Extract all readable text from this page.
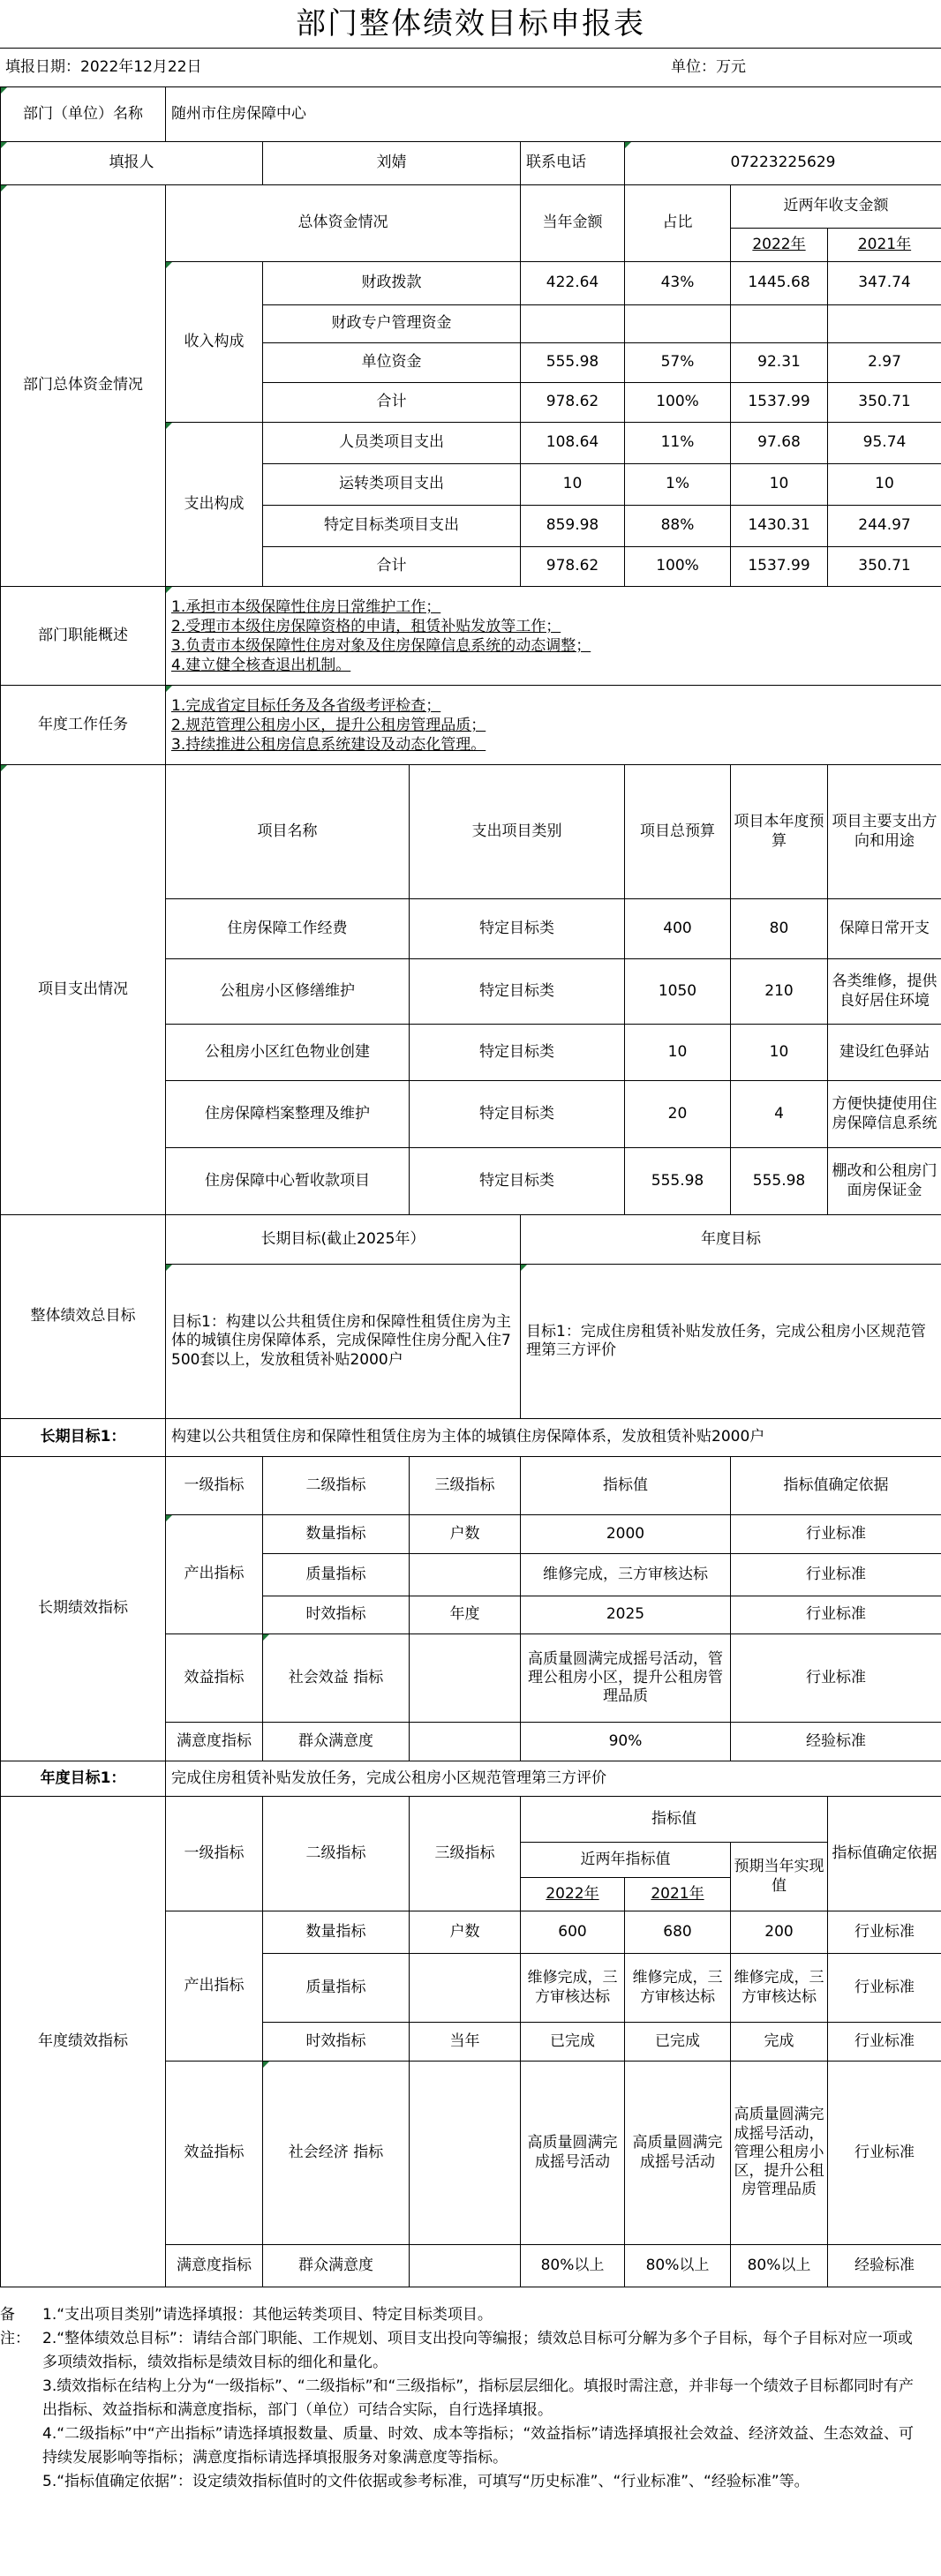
部门整体绩效目标申报表
填报日期：2022年12月22日	单位：万元
部门（单位）名称	随州市住房保障中心						
填报人		刘婧		联系电话	07223225629		
部门总体资金情况	总体资金情况			当年金额	占比	近两年收支金额	
						2022年	2021年
	收入构成	财政拨款		422.64	43%	1445.68	347.74
		财政专户管理资金					
		单位资金		555.98	57%	92.31	2.97
		合计		978.62	100%	1537.99	350.71
	支出构成	人员类项目支出		108.64	11%	97.68	95.74
		运转类项目支出		10	1%	10	10
		特定目标类项目支出		859.98	88%	1430.31	244.97
		合计		978.62	100%	1537.99	350.71
部门职能概述	1.承担市本级保障性住房日常维护工作；
2.受理市本级住房保障资格的申请，租赁补贴发放等工作；
3.负责市本级保障性住房对象及住房保障信息系统的动态调整；
4.建立健全核查退出机制。						

年度工作任务	1.完成省定目标任务及各省级考评检查；
2.规范管理公租房小区，提升公租房管理品质；
3.持续推进公租房信息系统建设及动态化管理。						

项目支出情况	项目名称		支出项目类别		项目总预算	项目本年度预算	项目主要支出方向和用途
	住房保障工作经费		特定目标类		400	80	保障日常开支
	公租房小区修缮维护		特定目标类		1050	210	各类维修，提供良好居住环境
	公租房小区红色物业创建		特定目标类		10	10	建设红色驿站
	住房保障档案整理及维护		特定目标类		20	4	方便快捷使用住房保障信息系统
	住房保障中心暂收款项目		特定目标类		555.98	555.98	棚改和公租房门面房保证金
整体绩效总目标	长期目标(截止2025年）			年度目标			
	目标1：构建以公共租赁住房和保障性租赁住房为主体的城镇住房保障体系，完成保障性住房分配入住7500套以上，发放租赁补贴2000户			目标1：完成住房租赁补贴发放任务，完成公租房小区规范管理第三方评价			
长期目标1：	构建以公共租赁住房和保障性租赁住房为主体的城镇住房保障体系，发放租赁补贴2000户						
长期绩效指标	一级指标	二级指标	三级指标	指标值		指标值确定依据	
	产出指标	数量指标	户数	2000		行业标准	
		质量指标		维修完成，三方审核达标		行业标准	
		时效指标	年度	2025		行业标准	
	效益指标	社会效益 指标		高质量圆满完成摇号活动，管理公租房小区，提升公租房管理品质		行业标准	
	满意度指标	群众满意度		90%		经验标准	
年度目标1：	完成住房租赁补贴发放任务，完成公租房小区规范管理第三方评价						
年度绩效指标	一级指标	二级指标	三级指标	指标值			指标值确定依据
				近两年指标值		预期当年实现值	
				2022年	2021年		
	产出指标	数量指标	户数	600	680	200	行业标准
		质量指标		维修完成，三方审核达标	维修完成，三方审核达标	维修完成，三方审核达标	行业标准
		时效指标	当年	已完成	已完成	完成	行业标准
	效益指标	社会经济 指标		高质量圆满完成摇号活动	高质量圆满完成摇号活动	高质量圆满完成摇号活动，管理公租房小区，提升公租房管理品质	行业标准
	满意度指标	群众满意度		80%以上	80%以上	80%以上	经验标准
备注：
1.“支出项目类别”请选择填报：其他运转类项目、特定目标类项目。
2.“整体绩效总目标”：请结合部门职能、工作规划、项目支出投向等编报；绩效总目标可分解为多个子目标，每个子目标对应一项或多项绩效指标，绩效指标是绩效目标的细化和量化。
3.绩效指标在结构上分为“一级指标”、“二级指标”和“三级指标”，指标层层细化。填报时需注意，并非每一个绩效子目标都同时有产出指标、效益指标和满意度指标，部门（单位）可结合实际，自行选择填报。
4.“二级指标”中“产出指标”请选择填报数量、质量、时效、成本等指标；“效益指标”请选择填报社会效益、经济效益、生态效益、可持续发展影响等指标；满意度指标请选择填报服务对象满意度等指标。
5.“指标值确定依据”：设定绩效指标值时的文件依据或参考标准，可填写“历史标准”、“行业标准”、“经验标准”等。
